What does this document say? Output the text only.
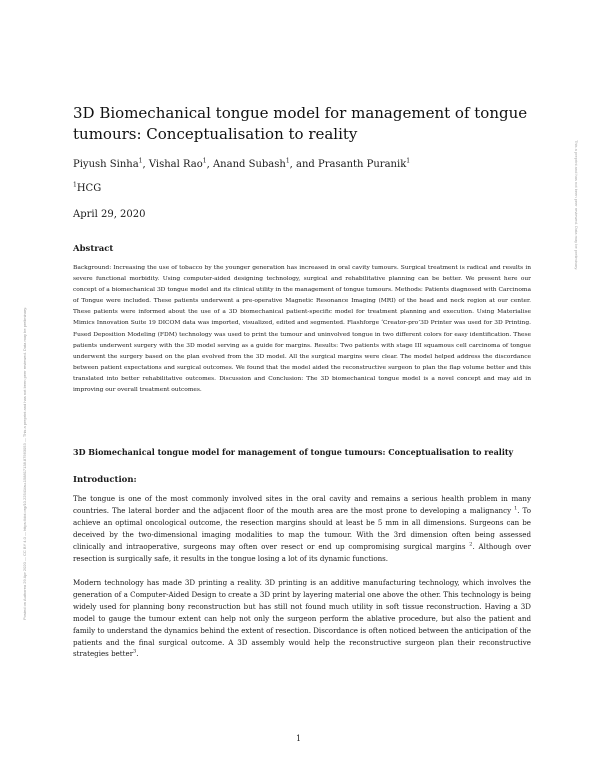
Posted on Authorea 29 Apr 2020 — CC BY 4.0 — https://doi.org/10.22541/au.158817138.87563053 — This a preprint and has not been peer reviewed. Data may be preliminary.
This a preprint and has not been peer reviewed. Data may be preliminary.
3D Biomechanical tongue model for management of tongue tumours: Conceptualisation to reality

Piyush Sinha$^1$, Vishal Rao$^1$, Anand Subash$^1$, and Prasanth Puranik$^1$

$^1$HCG

April 29, 2020

Abstract

Background: Increasing the use of tobacco by the younger generation has increased in oral cavity tumours. Surgical treatment is radical and results in severe functional morbidity. Using computer-aided designing technology, surgical and rehabilitative planning can be better. We present here our concept of a biomechanical 3D tongue model and its clinical utility in the management of tongue tumours. Methods: Patients diagnosed with Carcinoma of Tongue were included. These patients underwent a pre-operative Magnetic Resonance Imaging (MRI) of the head and neck region at our center. These patients were informed about the use of a 3D biomechanical patient-specific model for treatment planning and execution. Using Materialise Mimics Innovation Suite 19 DICOM data was imported, visualized, edited and segmented. Flashforge ‘Creator-pro’3D Printer was used for 3D Printing. Fused Deposition Modeling (FDM) technology was used to print the tumour and uninvolved tongue in two different colors for easy identification. These patients underwent surgery with the 3D model serving as a guide for margins. Results: Two patients with stage III squamous cell carcinoma of tongue underwent the surgery based on the plan evolved from the 3D model. All the surgical margins were clear. The model helped address the discordance between patient expectations and surgical outcomes. We found that the model aided the reconstructive surgeon to plan the flap volume better and this translated into better rehabilitative outcomes. Discussion and Conclusion: The 3D biomechanical tongue model is a novel concept and may aid in improving our overall treatment outcomes.

3D Biomechanical tongue model for management of tongue tumours: Conceptualisation to reality
Introduction:

The tongue is one of the most commonly involved sites in the oral cavity and remains a serious health problem in many countries. The lateral border and the adjacent floor of the mouth area are the most prone to developing a malignancy $^1$. To achieve an optimal oncological outcome, the resection margins should at least be 5 mm in all dimensions. Surgeons can be deceived by the two-dimensional imaging modalities to map the tumour. With the 3rd dimension often being assessed clinically and intraoperative, surgeons may often over resect or end up compromising surgical margins $^2$. Although over resection is surgically safe, it results in the tongue losing a lot of its dynamic functions.

Modern technology has made 3D printing a reality. 3D printing is an additive manufacturing technology, which involves the generation of a Computer-Aided Design to create a 3D print by layering material one above the other. This technology is being widely used for planning bony reconstruction but has still not found much utility in soft tissue reconstruction. Having a 3D model to gauge the tumour extent can help not only the surgeon perform the ablative procedure, but also the patient and family to understand the dynamics behind the extent of resection. Discordance is often noticed between the anticipation of the patients and the final surgical outcome. A 3D assembly would help the reconstructive surgeon plan their reconstructive strategies better$^3$.

1
